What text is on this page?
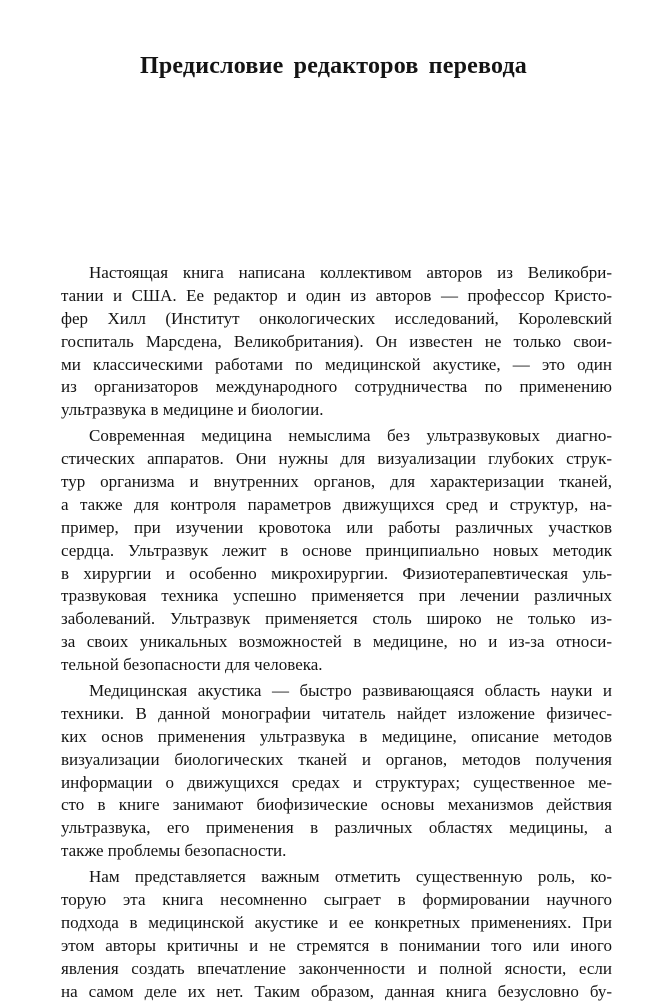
Предисловие редакторов перевода

Настоящая книга написана коллективом авторов из Великобри-
тании и США. Ее редактор и один из авторов — профессор Кристо-
фер Хилл (Институт онкологических исследований, Королевский
госпиталь Марсдена, Великобритания). Он известен не только свои-
ми классическими работами по медицинской акустике, — это один
из организаторов международного сотрудничества по применению
ультразвука в медицине и биологии.

Современная медицина немыслима без ультразвуковых диагно-
стических аппаратов. Они нужны для визуализации глубоких струк-
тур организма и внутренних органов, для характеризации тканей,
а также для контроля параметров движущихся сред и структур, на-
пример, при изучении кровотока или работы различных участков
сердца. Ультразвук лежит в основе принципиально новых методик
в хирургии и особенно микрохирургии. Физиотерапевтическая уль-
тразвуковая техника успешно применяется при лечении различных
заболеваний. Ультразвук применяется столь широко не только из-
за своих уникальных возможностей в медицине, но и из-за относи-
тельной безопасности для человека.

Медицинская акустика — быстро развивающаяся область науки и
техники. В данной монографии читатель найдет изложение физичес-
ких основ применения ультразвука в медицине, описание методов
визуализации биологических тканей и органов, методов получения
информации о движущихся средах и структурах; существенное ме-
сто в книге занимают биофизические основы механизмов действия
ультразвука, его применения в различных областях медицины, а
также проблемы безопасности.

Нам представляется важным отметить существенную роль, ко-
торую эта книга несомненно сыграет в формировании научного
подхода в медицинской акустике и ее конкретных применениях. При
этом авторы критичны и не стремятся в понимании того или иного
явления создать впечатление законченности и полной ясности, если
на самом деле их нет. Таким образом, данная книга безусловно бу-
